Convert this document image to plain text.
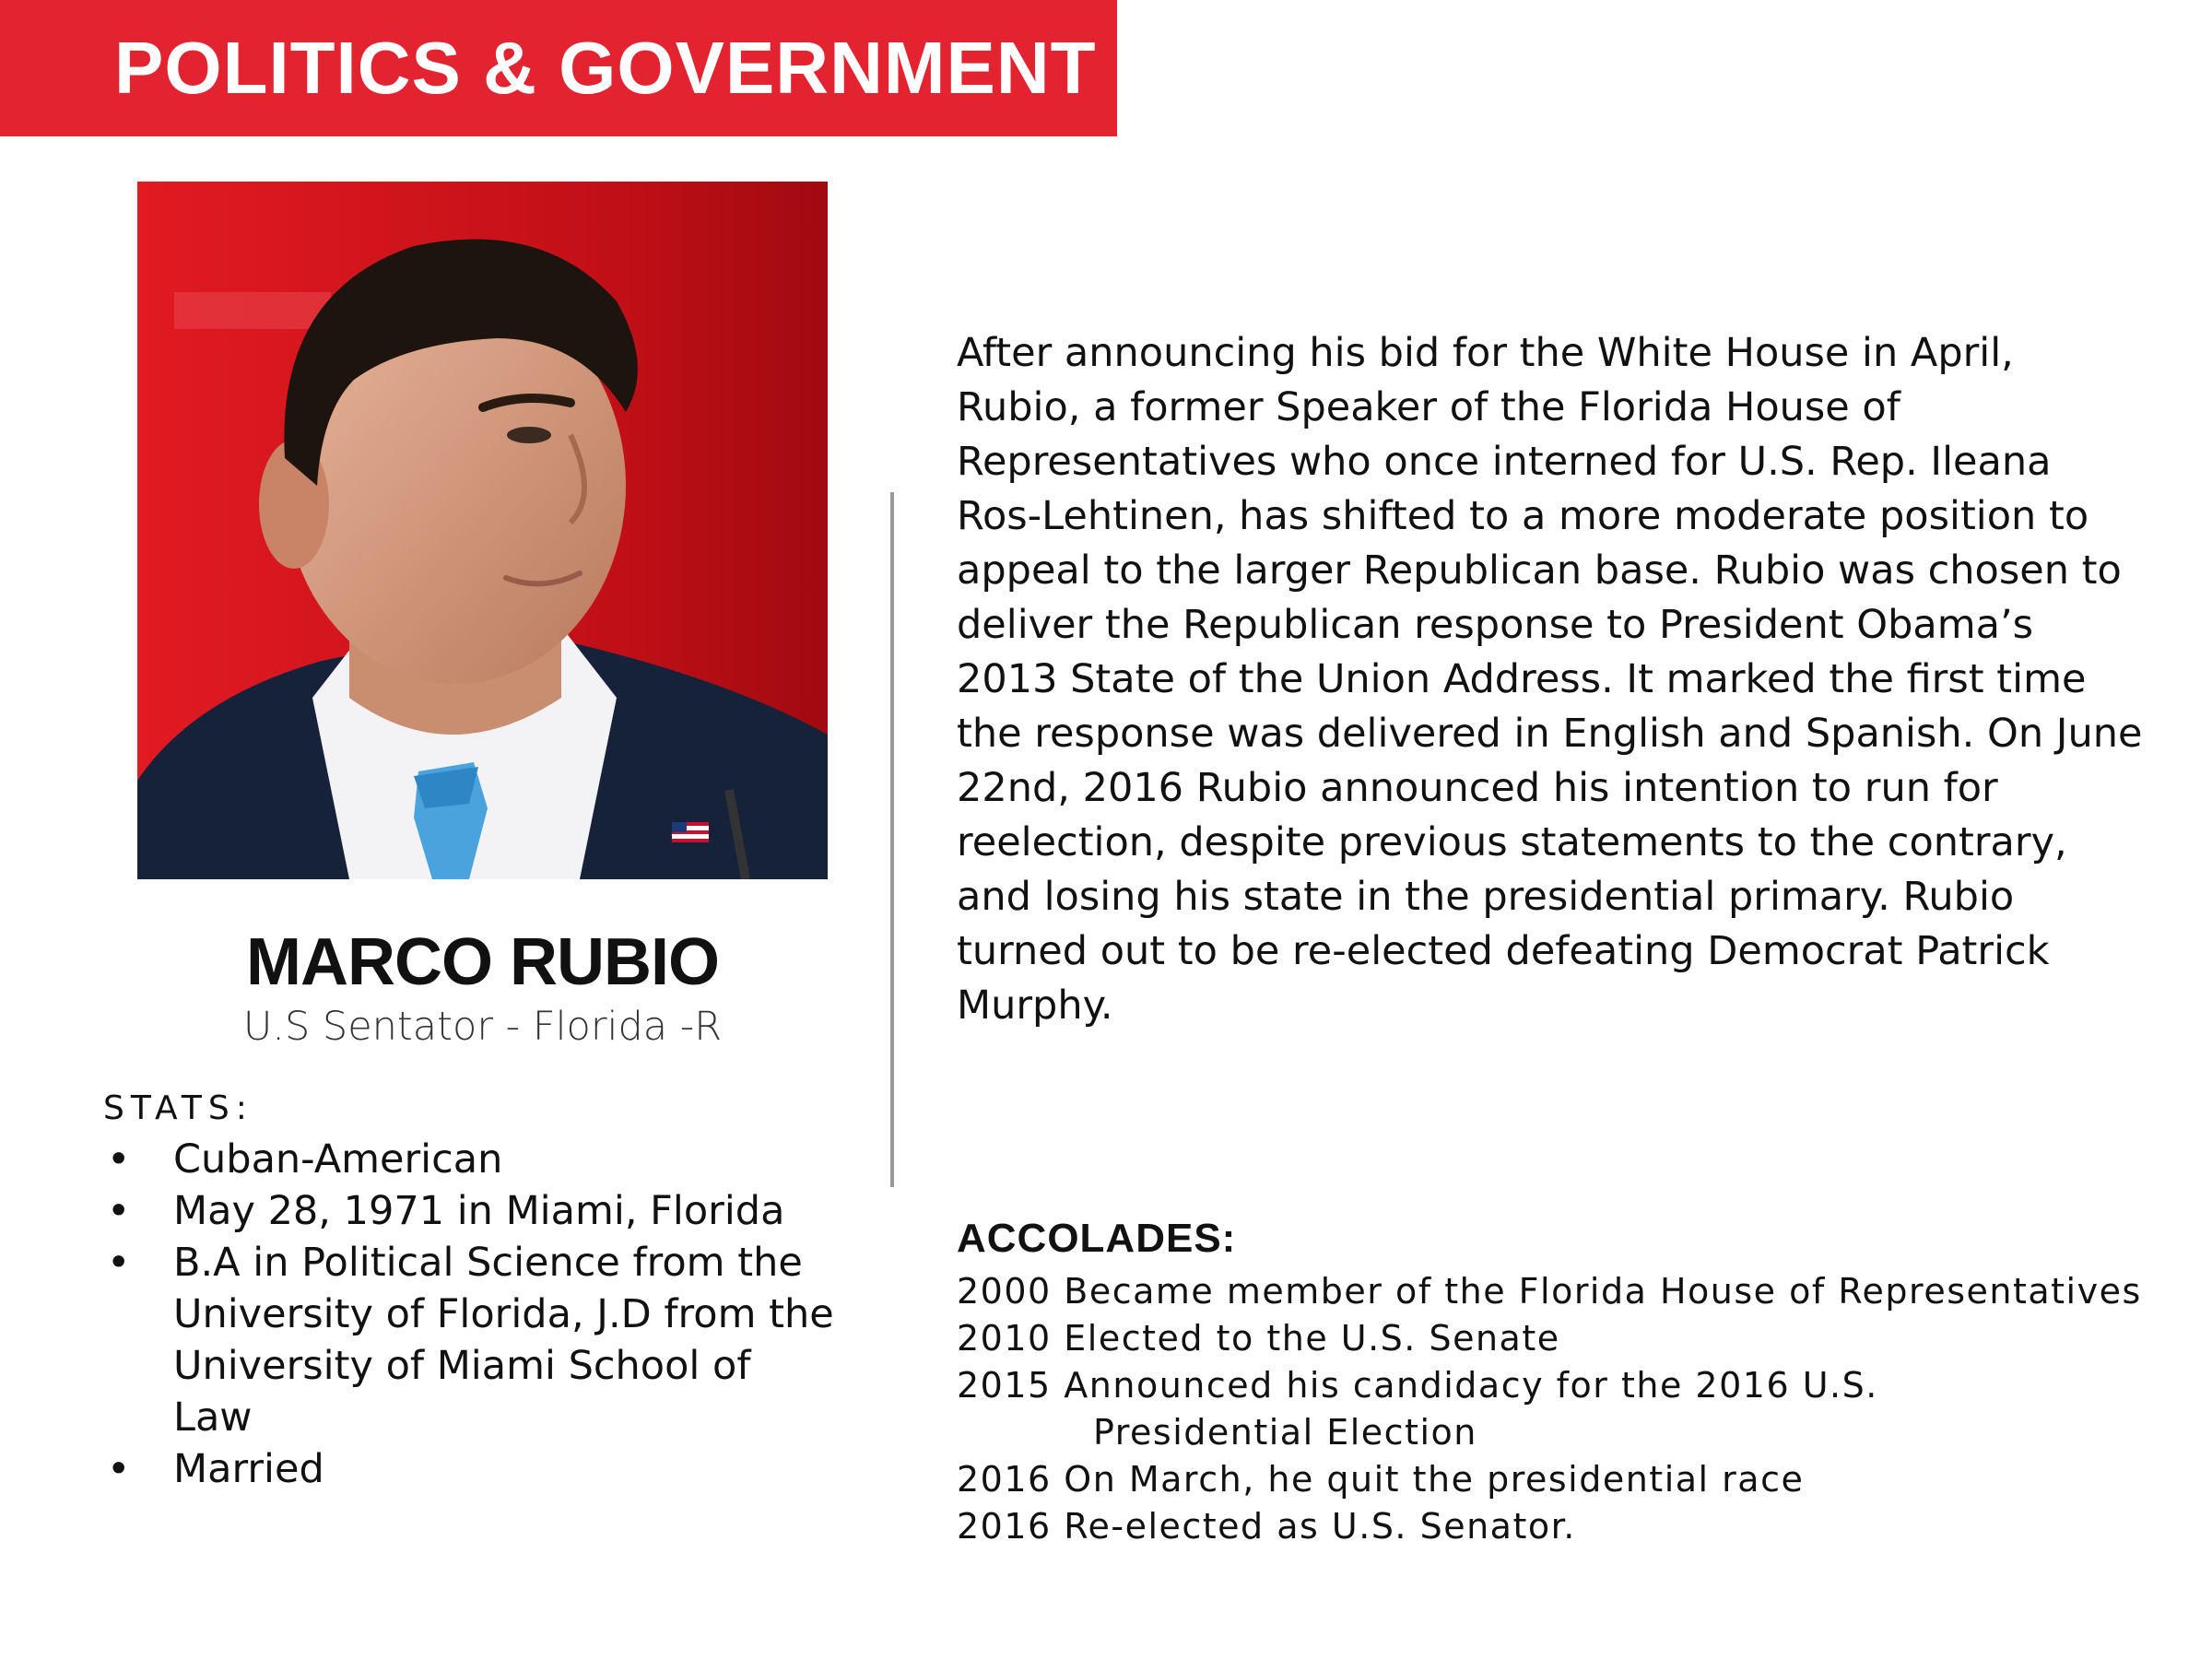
POLITICS & GOVERNMENT
MARCO RUBIO

U.S Sentator - Florida -R

STATS:

• Cuban-American
• May 28, 1971 in Miami, Florida
• B.A in Political Science from the University of Florida, J.D from the University of Miami School of Law
• Married

After announcing his bid for the White House in April, Rubio, a former Speaker of the Florida House of Representatives who once interned for U.S. Rep. Ileana Ros-Lehtinen, has shifted to a more moderate position to appeal to the larger Republican base. Rubio was chosen to deliver the Republican response to President Obama’s 2013 State of the Union Address. It marked the first time the response was delivered in English and Spanish. On June 22nd, 2016 Rubio announced his intention to run for reelection, despite previous statements to the contrary, and losing his state in the presidential primary. Rubio turned out to be re-elected defeating Democrat Patrick Murphy.

ACCOLADES:

2000 Became member of the Florida House of Representatives
2010 Elected to the U.S. Senate
2015 Announced his candidacy for the 2016 U.S.
Presidential Election
2016 On March, he quit the presidential race
2016 Re-elected as U.S. Senator.
